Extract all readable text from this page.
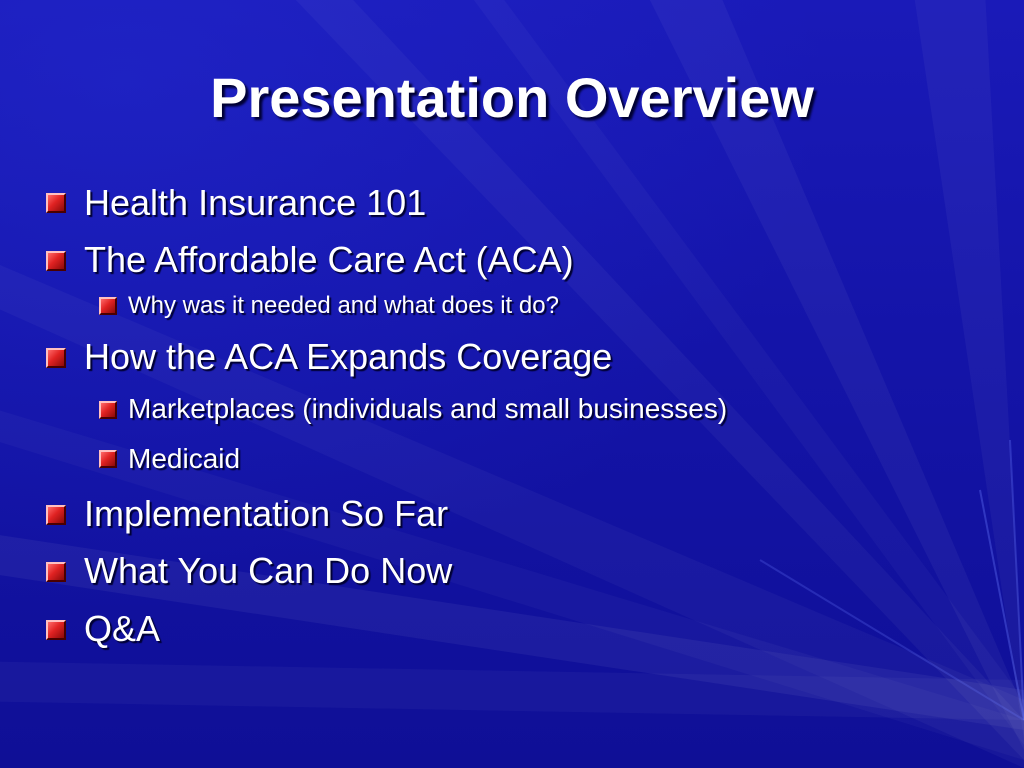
Presentation Overview
Health Insurance 101
The Affordable Care Act (ACA)
Why was it needed and what does it do?
How the ACA Expands Coverage
Marketplaces (individuals and small businesses)
Medicaid
Implementation So Far
What You Can Do Now
Q&A
